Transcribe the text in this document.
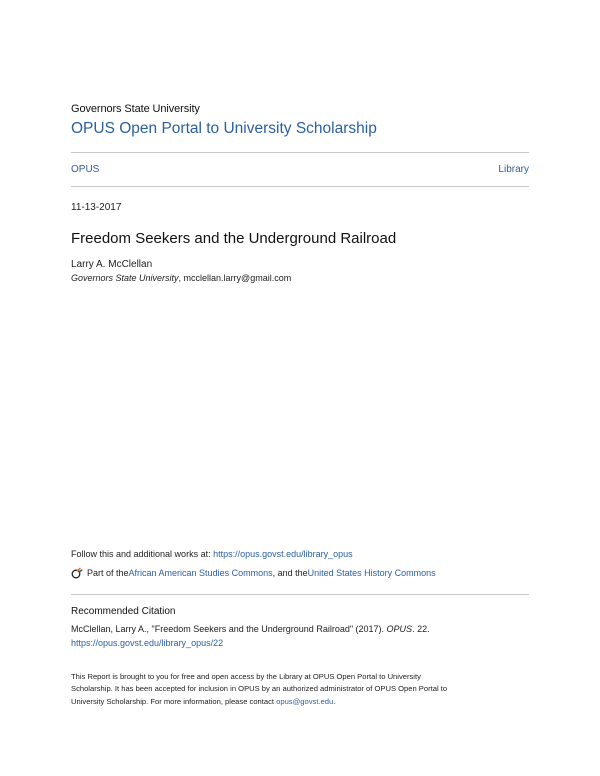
Governors State University
OPUS Open Portal to University Scholarship
OPUS	Library
11-13-2017
Freedom Seekers and the Underground Railroad
Larry A. McClellan
Governors State University, mcclellan.larry@gmail.com
Follow this and additional works at: https://opus.govst.edu/library_opus
Part of the African American Studies Commons , and the United States History Commons
Recommended Citation
McClellan, Larry A., "Freedom Seekers and the Underground Railroad" (2017). OPUS. 22.
https://opus.govst.edu/library_opus/22
This Report is brought to you for free and open access by the Library at OPUS Open Portal to University
Scholarship. It has been accepted for inclusion in OPUS by an authorized administrator of OPUS Open Portal to
University Scholarship. For more information, please contact opus@govst.edu.
